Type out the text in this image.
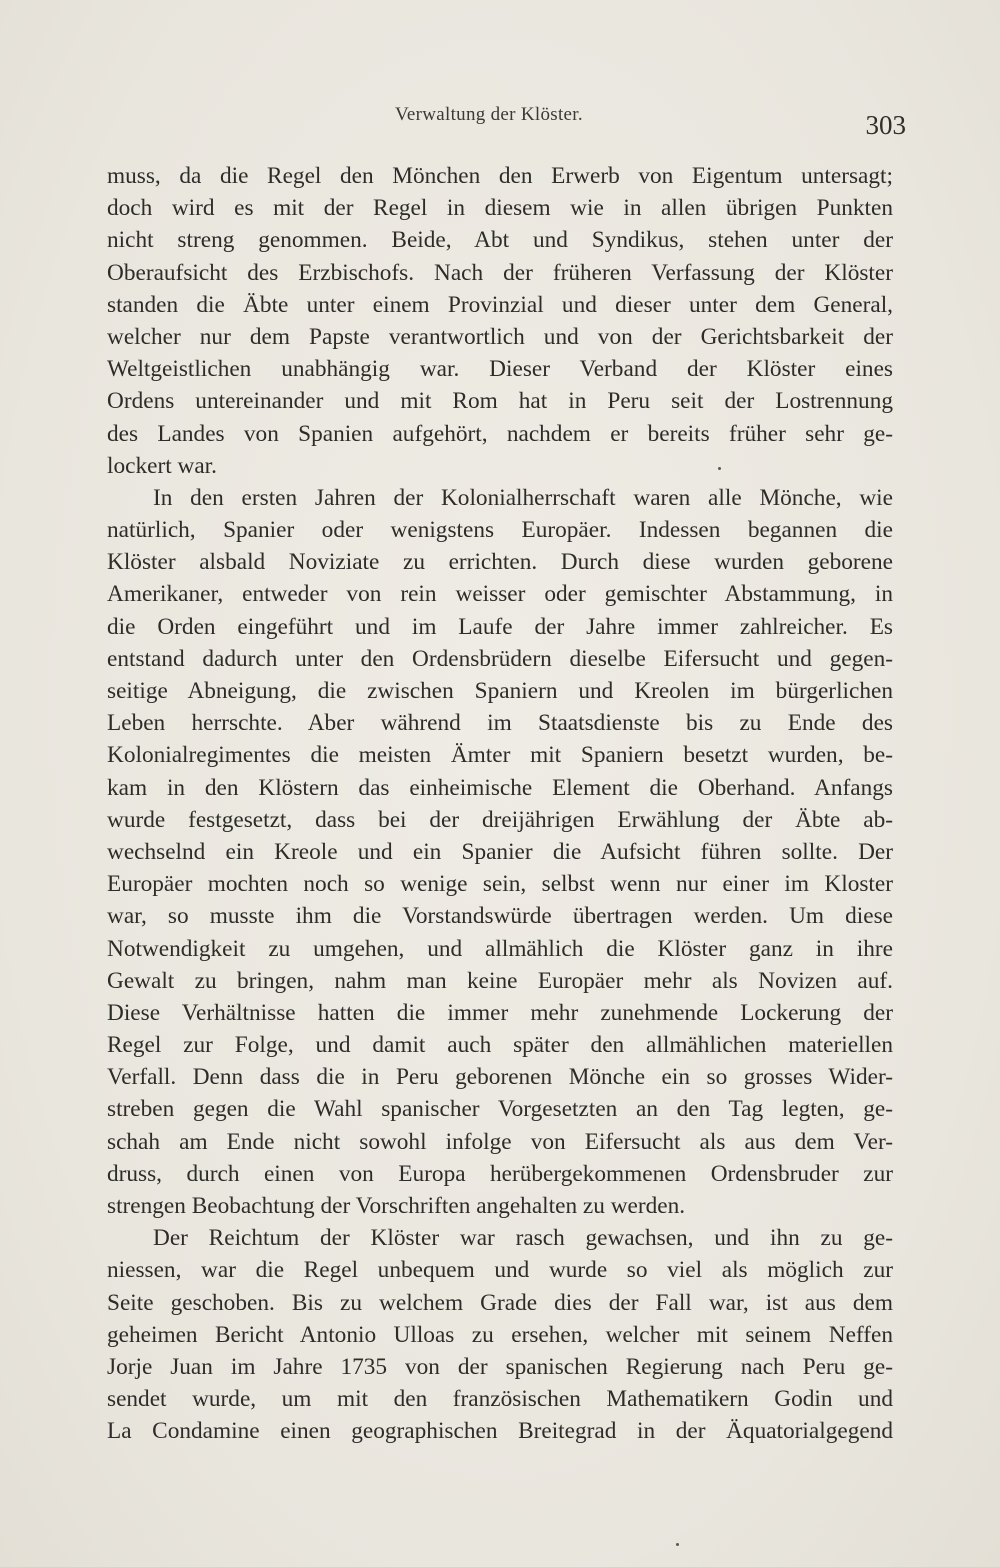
Verwaltung der Klöster.	303
muss, da die Regel den Mönchen den Erwerb von Eigentum untersagt;
doch wird es mit der Regel in diesem wie in allen übrigen Punkten
nicht streng genommen. Beide, Abt und Syndikus, stehen unter der
Oberaufsicht des Erzbischofs. Nach der früheren Verfassung der Klöster
standen die Äbte unter einem Provinzial und dieser unter dem General,
welcher nur dem Papste verantwortlich und von der Gerichtsbarkeit der
Weltgeistlichen unabhängig war. Dieser Verband der Klöster eines
Ordens untereinander und mit Rom hat in Peru seit der Lostrennung
des Landes von Spanien aufgehört, nachdem er bereits früher sehr ge-
lockert war.
In den ersten Jahren der Kolonialherrschaft waren alle Mönche, wie
natürlich, Spanier oder wenigstens Europäer. Indessen begannen die
Klöster alsbald Noviziate zu errichten. Durch diese wurden geborene
Amerikaner, entweder von rein weisser oder gemischter Abstammung, in
die Orden eingeführt und im Laufe der Jahre immer zahlreicher. Es
entstand dadurch unter den Ordensbrüdern dieselbe Eifersucht und gegen-
seitige Abneigung, die zwischen Spaniern und Kreolen im bürgerlichen
Leben herrschte. Aber während im Staatsdienste bis zu Ende des
Kolonialregimentes die meisten Ämter mit Spaniern besetzt wurden, be-
kam in den Klöstern das einheimische Element die Oberhand. Anfangs
wurde festgesetzt, dass bei der dreijährigen Erwählung der Äbte ab-
wechselnd ein Kreole und ein Spanier die Aufsicht führen sollte. Der
Europäer mochten noch so wenige sein, selbst wenn nur einer im Kloster
war, so musste ihm die Vorstandswürde übertragen werden. Um diese
Notwendigkeit zu umgehen, und allmählich die Klöster ganz in ihre
Gewalt zu bringen, nahm man keine Europäer mehr als Novizen auf.
Diese Verhältnisse hatten die immer mehr zunehmende Lockerung der
Regel zur Folge, und damit auch später den allmählichen materiellen
Verfall. Denn dass die in Peru geborenen Mönche ein so grosses Wider-
streben gegen die Wahl spanischer Vorgesetzten an den Tag legten, ge-
schah am Ende nicht sowohl infolge von Eifersucht als aus dem Ver-
druss, durch einen von Europa herübergekommenen Ordensbruder zur
strengen Beobachtung der Vorschriften angehalten zu werden.
Der Reichtum der Klöster war rasch gewachsen, und ihn zu ge-
niessen, war die Regel unbequem und wurde so viel als möglich zur
Seite geschoben. Bis zu welchem Grade dies der Fall war, ist aus dem
geheimen Bericht Antonio Ulloas zu ersehen, welcher mit seinem Neffen
Jorje Juan im Jahre 1735 von der spanischen Regierung nach Peru ge-
sendet wurde, um mit den französischen Mathematikern Godin und
La Condamine einen geographischen Breitegrad in der Äquatorialgegend
